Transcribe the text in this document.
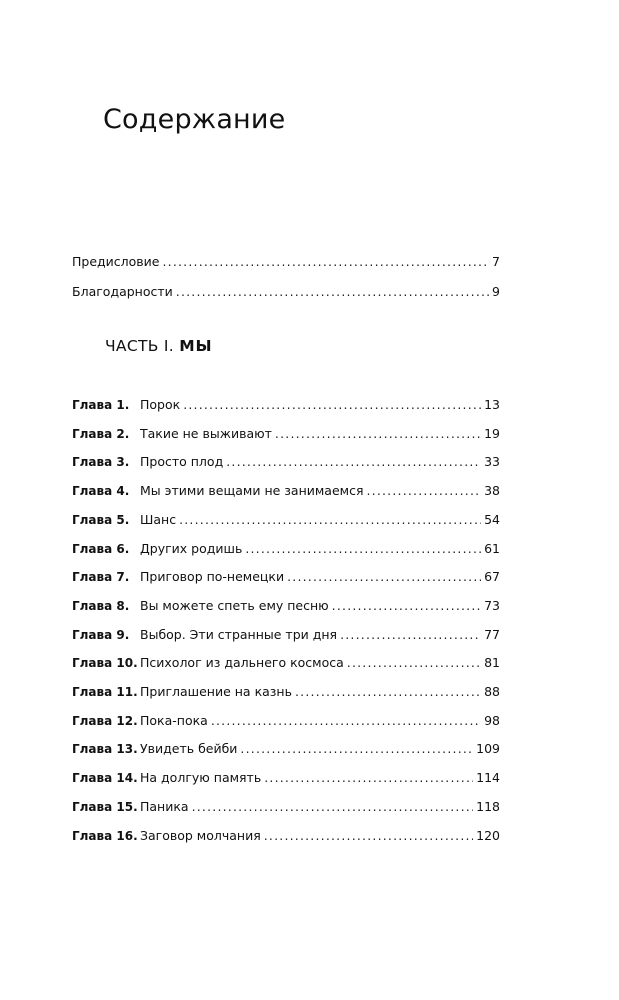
Содержание
Предисловие .....	7
Благодарности .....	9
ЧАСТЬ I. МЫ
Глава 1. Порок .....	13
Глава 2. Такие не выживают .....	19
Глава 3. Просто плод .....	33
Глава 4. Мы этими вещами не занимаемся .....	38
Глава 5. Шанс .....	54
Глава 6. Других родишь .....	61
Глава 7. Приговор по-немецки .....	67
Глава 8. Вы можете спеть ему песню .....	73
Глава 9. Выбор. Эти странные три дня .....	77
Глава 10. Психолог из дальнего космоса .....	81
Глава 11. Приглашение на казнь .....	88
Глава 12. Пока-пока .....	98
Глава 13. Увидеть бейби .....	109
Глава 14. На долгую память .....	114
Глава 15. Паника .....	118
Глава 16. Заговор молчания .....	120
